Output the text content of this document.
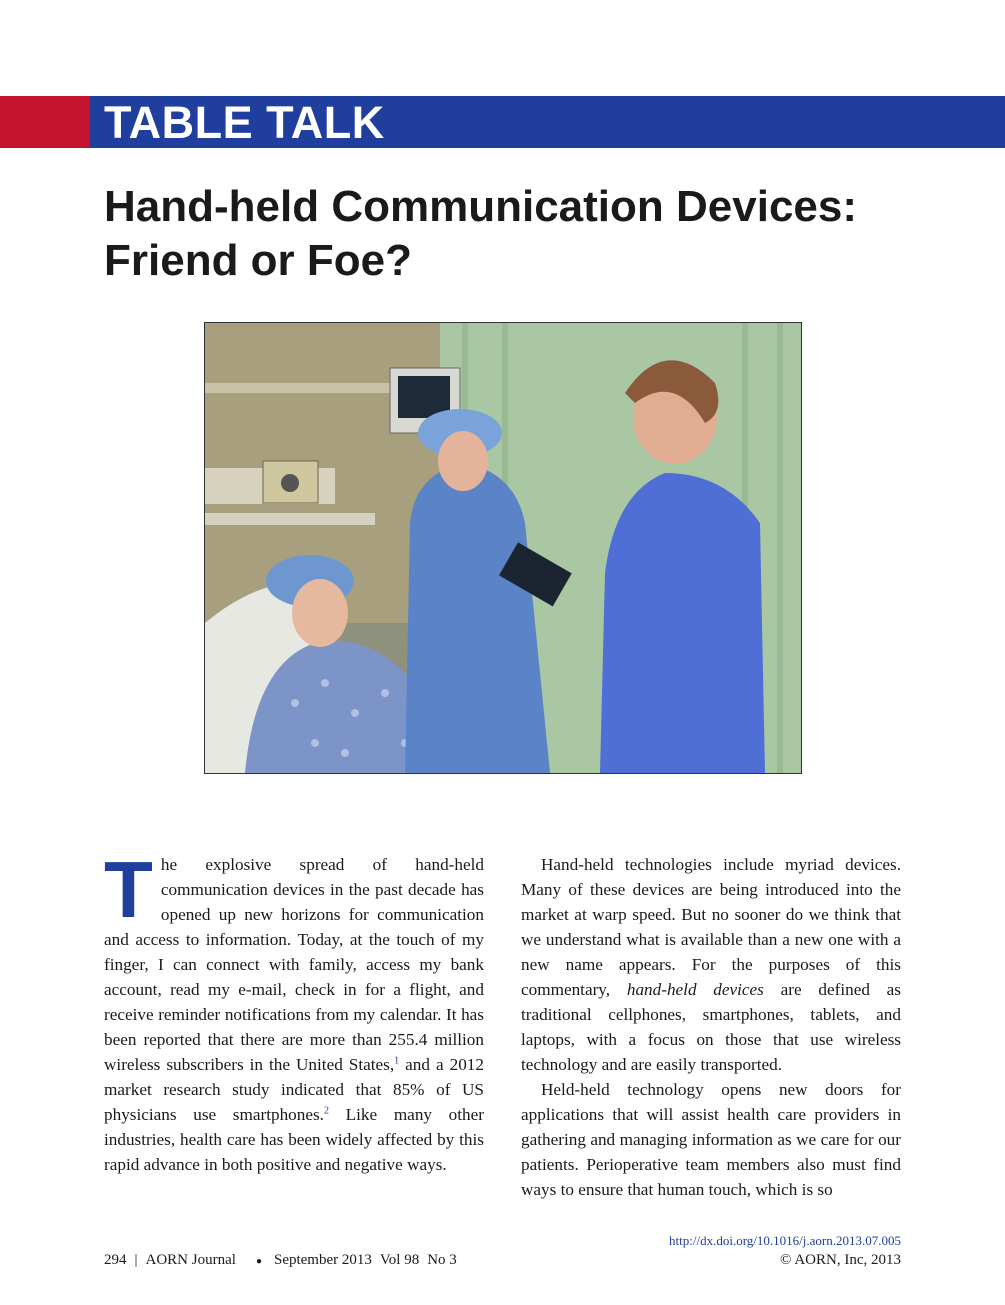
TABLE TALK
Hand-held Communication Devices: Friend or Foe?

The explosive spread of hand-held communication devices in the past decade has opened up new horizons for communication and access to information. Today, at the touch of my finger, I can connect with family, access my bank account, read my e-mail, check in for a flight, and receive reminder notifications from my calendar. It has been reported that there are more than 255.4 million wireless subscribers in the United States,$^1$ and a 2012 market research study indicated that 85% of US physicians use smartphones.$^2$ Like many other industries, health care has been widely affected by this rapid advance in both positive and negative ways.

Hand-held technologies include myriad devices. Many of these devices are being introduced into the market at warp speed. But no sooner do we think that we understand what is available than a new one with a new name appears. For the purposes of this commentary, hand-held devices are defined as traditional cellphones, smartphones, tablets, and laptops, with a focus on those that use wireless technology and are easily transported.

Held-held technology opens new doors for applications that will assist health care providers in gathering and managing information as we care for our patients. Perioperative team members also must find ways to ensure that human touch, which is so

http://dx.doi.org/10.1016/j.aorn.2013.07.005
294 | AORN Journal ● September 2013 Vol 98 No 3	© AORN, Inc, 2013
